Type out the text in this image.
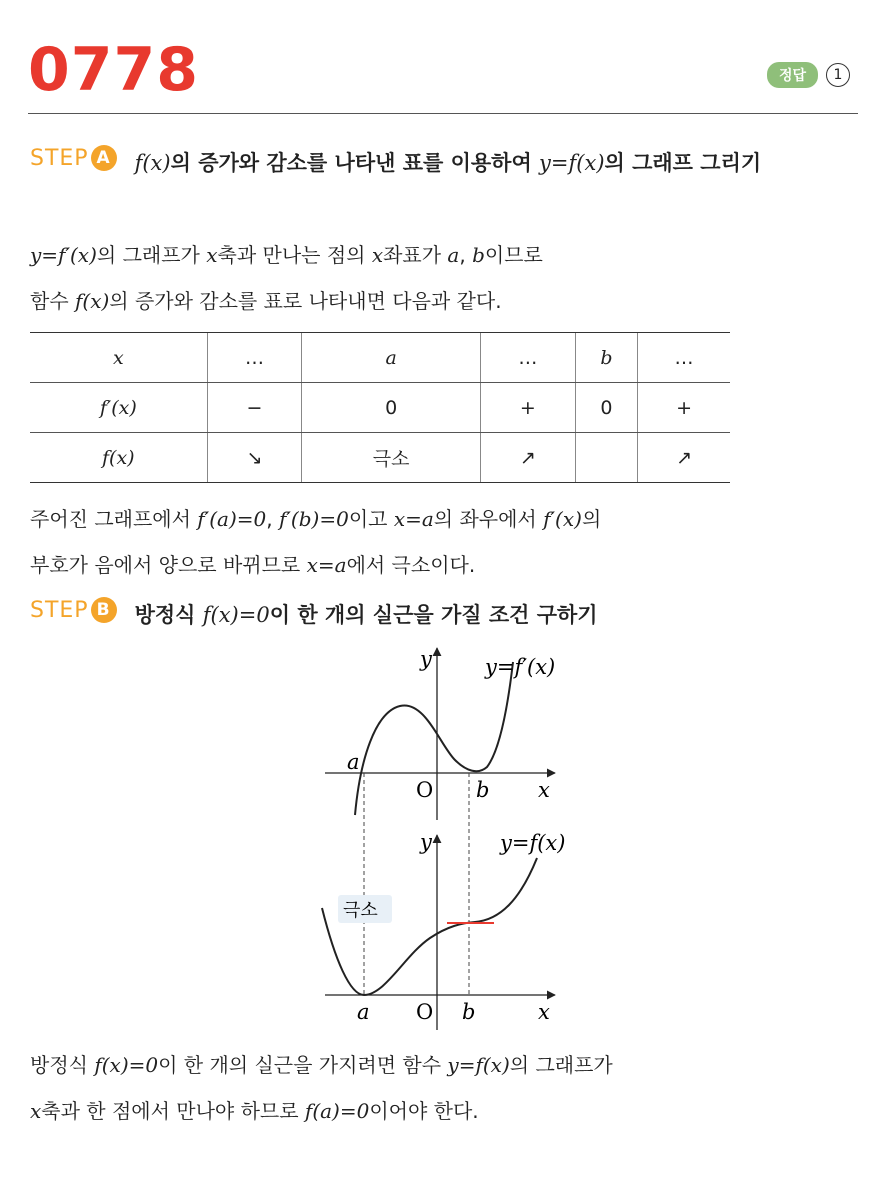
0778	정답	1
STEP A f(x)의 증가와 감소를 나타낸 표를 이용하여 y=f(x)의 그래프 그리기
y=f′(x)의 그래프가 x축과 만나는 점의 x좌표가 a, b이므로
함수 f(x)의 증가와 감소를 표로 나타내면 다음과 같다.
x	…	a	…	b	…
f′(x)	−	0	+	0	+
f(x)	↘	극소	↗		↗
주어진 그래프에서 f′(a)=0, f′(b)=0이고 x=a의 좌우에서 f′(x)의
부호가 음에서 양으로 바뀌므로 x=a에서 극소이다.
STEP B 방정식 f(x)=0이 한 개의 실근을 가질 조건 구하기
y	y=f′(x)
a
O b x
극소
y	y=f(x)
a O b	x
방정식 f(x)=0이 한 개의 실근을 가지려면 함수 y=f(x)의 그래프가
x축과 한 점에서 만나야 하므로 f(a)=0이어야 한다.
